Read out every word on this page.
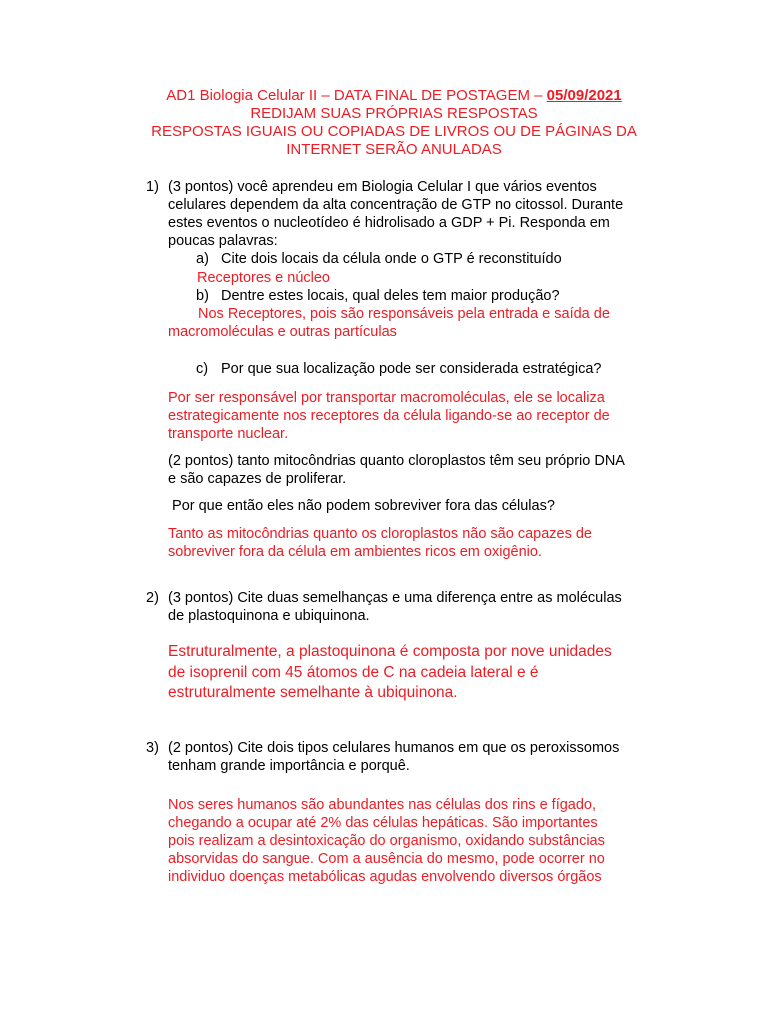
AD1 Biologia Celular II – DATA FINAL DE POSTAGEM – 05/09/2021
REDIJAM SUAS PRÓPRIAS RESPOSTAS
RESPOSTAS IGUAIS OU COPIADAS DE LIVROS OU DE PÁGINAS DA
INTERNET SERÃO ANULADAS
1) (3 pontos) você aprendeu em Biologia Celular I que vários eventos
celulares dependem da alta concentração de GTP no citossol. Durante
estes eventos o nucleotídeo é hidrolisado a GDP + Pi. Responda em
poucas palavras:
a) Cite dois locais da célula onde o GTP é reconstituído
Receptores e núcleo
b) Dentre estes locais, qual deles tem maior produção?
Nos Receptores, pois são responsáveis pela entrada e saída de
macromoléculas e outras partículas
c) Por que sua localização pode ser considerada estratégica?
Por ser responsável por transportar macromoléculas, ele se localiza
estrategicamente nos receptores da célula ligando-se ao receptor de
transporte nuclear.
(2 pontos) tanto mitocôndrias quanto cloroplastos têm seu próprio DNA
e são capazes de proliferar.
Por que então eles não podem sobreviver fora das células?
Tanto as mitocôndrias quanto os cloroplastos não são capazes de
sobreviver fora da célula em ambientes ricos em oxigênio.
2) (3 pontos) Cite duas semelhanças e uma diferença entre as moléculas
de plastoquinona e ubiquinona.
Estruturalmente, a plastoquinona é composta por nove unidades
de isoprenil com 45 átomos de C na cadeia lateral e é
estruturalmente semelhante à ubiquinona.
3) (2 pontos) Cite dois tipos celulares humanos em que os peroxissomos
tenham grande importância e porquê.
Nos seres humanos são abundantes nas células dos rins e fígado,
chegando a ocupar até 2% das células hepáticas. São importantes
pois realizam a desintoxicação do organismo, oxidando substâncias
absorvidas do sangue. Com a ausência do mesmo, pode ocorrer no
individuo doenças metabólicas agudas envolvendo diversos órgãos
